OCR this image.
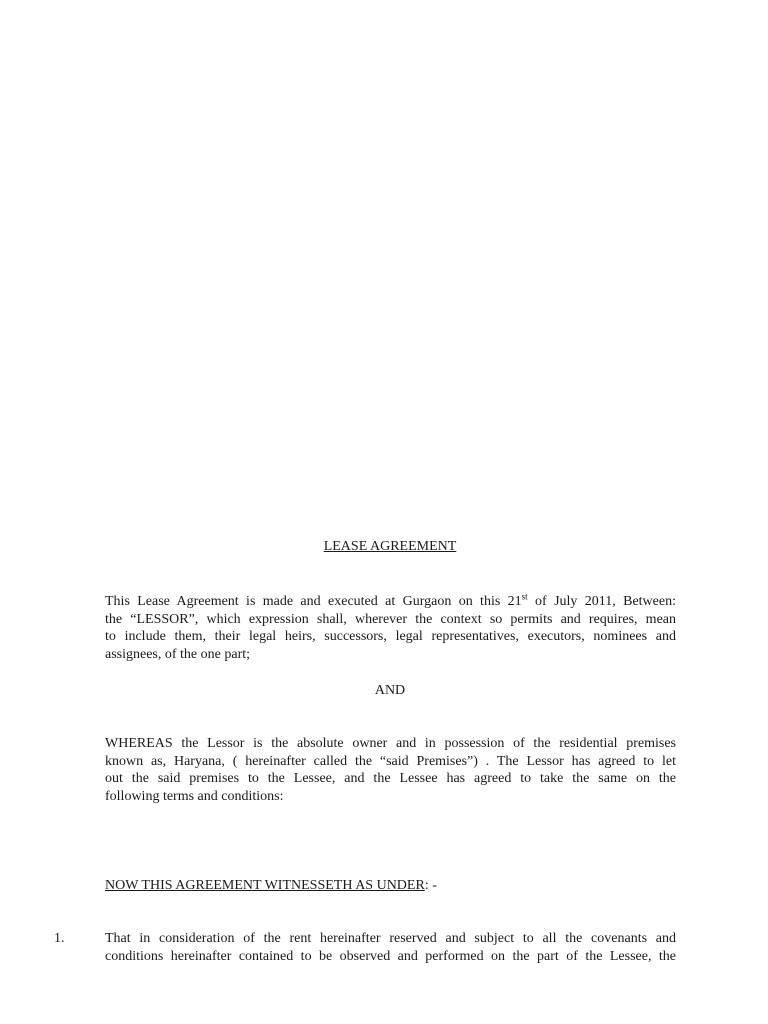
LEASE AGREEMENT
This Lease Agreement is made and executed at Gurgaon on this 21st of July 2011, Between:
the “LESSOR”, which expression shall, wherever the context so permits and requires, mean
to include them, their legal heirs, successors, legal representatives, executors, nominees and
assignees, of the one part;
AND
WHEREAS the Lessor is the absolute owner and in possession of the residential premises
known as, Haryana, ( hereinafter called the “said Premises”) . The Lessor has agreed to let
out the said premises to the Lessee, and the Lessee has agreed to take the same on the
following terms and conditions:
NOW THIS AGREEMENT WITNESSETH AS UNDER: -
1.	That in consideration of the rent hereinafter reserved and subject to all the covenants and
conditions hereinafter contained to be observed and performed on the part of the Lessee, the
